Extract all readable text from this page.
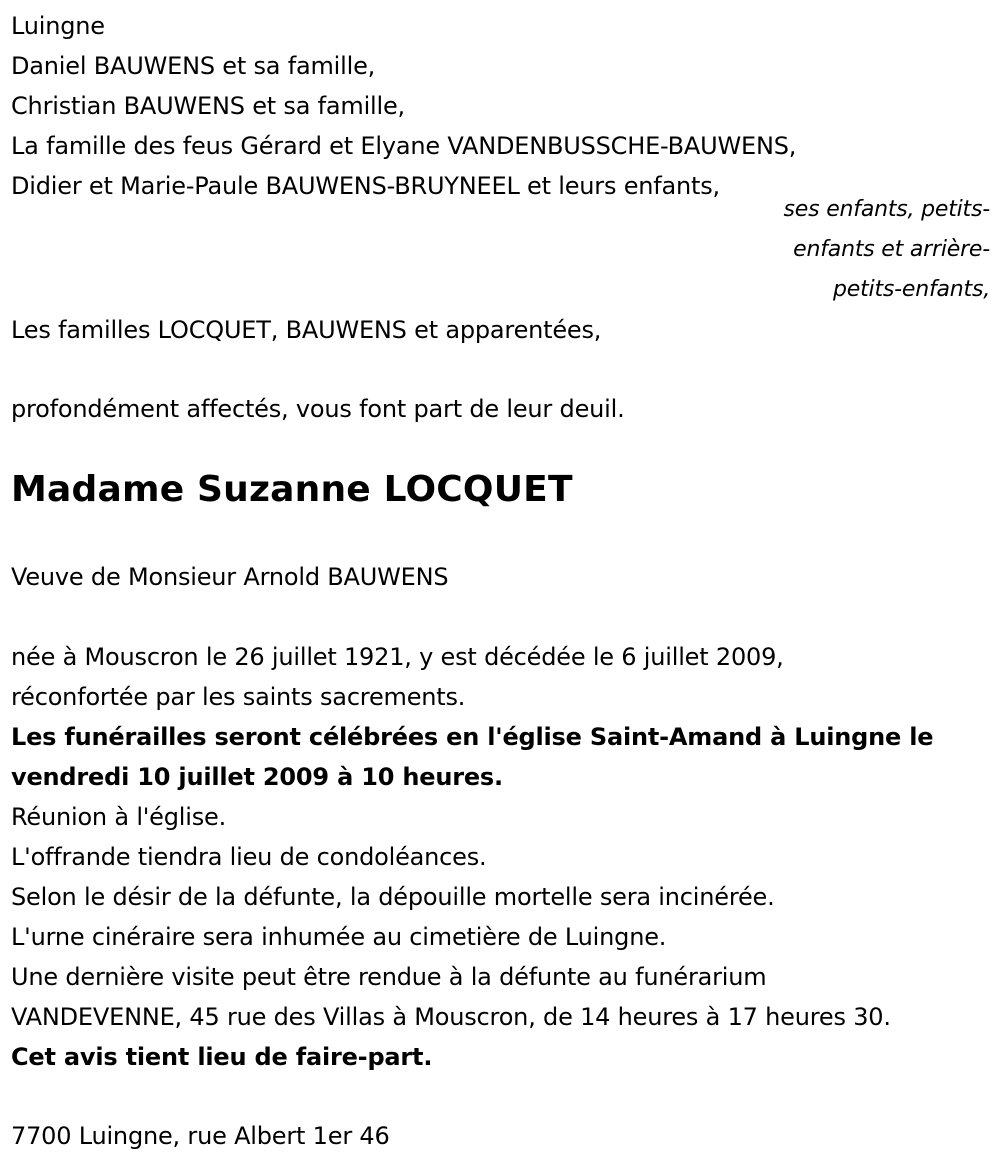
Luingne
Daniel BAUWENS et sa famille,
Christian BAUWENS et sa famille,
La famille des feus Gérard et Elyane VANDENBUSSCHE-BAUWENS,
Didier et Marie-Paule BAUWENS-BRUYNEEL et leurs enfants,
ses enfants, petits-
enfants et arrière-
petits-enfants,
Les familles LOCQUET, BAUWENS et apparentées,
profondément affectés, vous font part de leur deuil.
Madame Suzanne LOCQUET
Veuve de Monsieur Arnold BAUWENS
née à Mouscron le 26 juillet 1921, y est décédée le 6 juillet 2009,
réconfortée par les saints sacrements.
Les funérailles seront célébrées en l'église Saint-Amand à Luingne le
vendredi 10 juillet 2009 à 10 heures.
Réunion à l'église.
L'offrande tiendra lieu de condoléances.
Selon le désir de la défunte, la dépouille mortelle sera incinérée.
L'urne cinéraire sera inhumée au cimetière de Luingne.
Une dernière visite peut être rendue à la défunte au funérarium
VANDEVENNE, 45 rue des Villas à Mouscron, de 14 heures à 17 heures 30.
Cet avis tient lieu de faire-part.
7700 Luingne, rue Albert 1er 46
